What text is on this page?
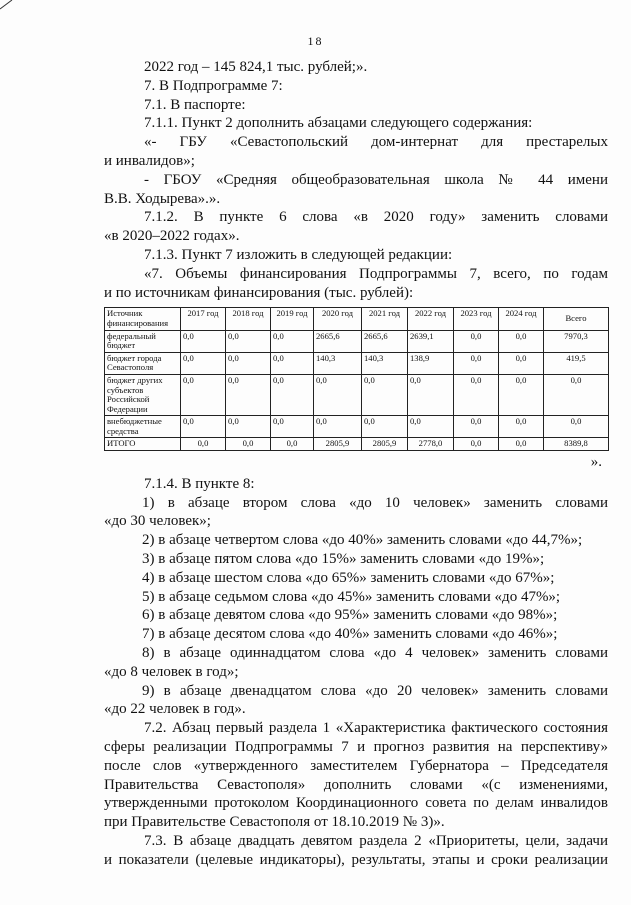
18

2022 год – 145 824,1 тыс. рублей;».

7. В Подпрограмме 7:

7.1. В паспорте:

7.1.1. Пункт 2 дополнить абзацами следующего содержания:

«- ГБУ «Севастопольский дом-интернат для престарелых

и инвалидов»;

- ГБОУ «Средняя общеобразовательная школа № 44 имени

В.В. Ходырева».».

7.1.2. В пункте 6 слова «в 2020 году» заменить словами

«в 2020–2022 годах».

7.1.3. Пункт 7 изложить в следующей редакции:

«7. Объемы финансирования Подпрограммы 7, всего, по годам

и по источникам финансирования (тыс. рублей):

Источник финансирования	2017 год	2018 год	2019 год	2020 год	2021 год	2022 год	2023 год	2024 год	Всего
федеральный бюджет	0,0	0,0	0,0	2665,6	2665,6	2639,1	0,0	0,0	7970,3
бюджет города Севастополя	0,0	0,0	0,0	140,3	140,3	138,9	0,0	0,0	419,5
бюджет других субъектов Российской Федерации	0,0	0,0	0,0	0,0	0,0	0,0	0,0	0,0	0,0
внебюджетные средства	0,0	0,0	0,0	0,0	0,0	0,0	0,0	0,0	0,0
ИТОГО	0,0	0,0	0,0	2805,9	2805,9	2778,0	0,0	0,0	8389,8

».

7.1.4. В пункте 8:

1) в абзаце втором слова «до 10 человек» заменить словами

«до 30 человек»;

2) в абзаце четвертом слова «до 40%» заменить словами «до 44,7%»;

3) в абзаце пятом слова «до 15%» заменить словами «до 19%»;

4) в абзаце шестом слова «до 65%» заменить словами «до 67%»;

5) в абзаце седьмом слова «до 45%» заменить словами «до 47%»;

6) в абзаце девятом слова «до 95%» заменить словами «до 98%»;

7) в абзаце десятом слова «до 40%» заменить словами «до 46%»;

8) в абзаце одиннадцатом слова «до 4 человек» заменить словами

«до 8 человек в год»;

9) в абзаце двенадцатом слова «до 20 человек» заменить словами

«до 22 человек в год».

7.2. Абзац первый раздела 1 «Характеристика фактического состояния

сферы реализации Подпрограммы 7 и прогноз развития на перспективу»

после слов «утвержденного заместителем Губернатора – Председателя

Правительства Севастополя» дополнить словами «(с изменениями,

утвержденными протоколом Координационного совета по делам инвалидов

при Правительстве Севастополя от 18.10.2019 № 3)».

7.3. В абзаце двадцать девятом раздела 2 «Приоритеты, цели, задачи

и показатели (целевые индикаторы), результаты, этапы и сроки реализации
